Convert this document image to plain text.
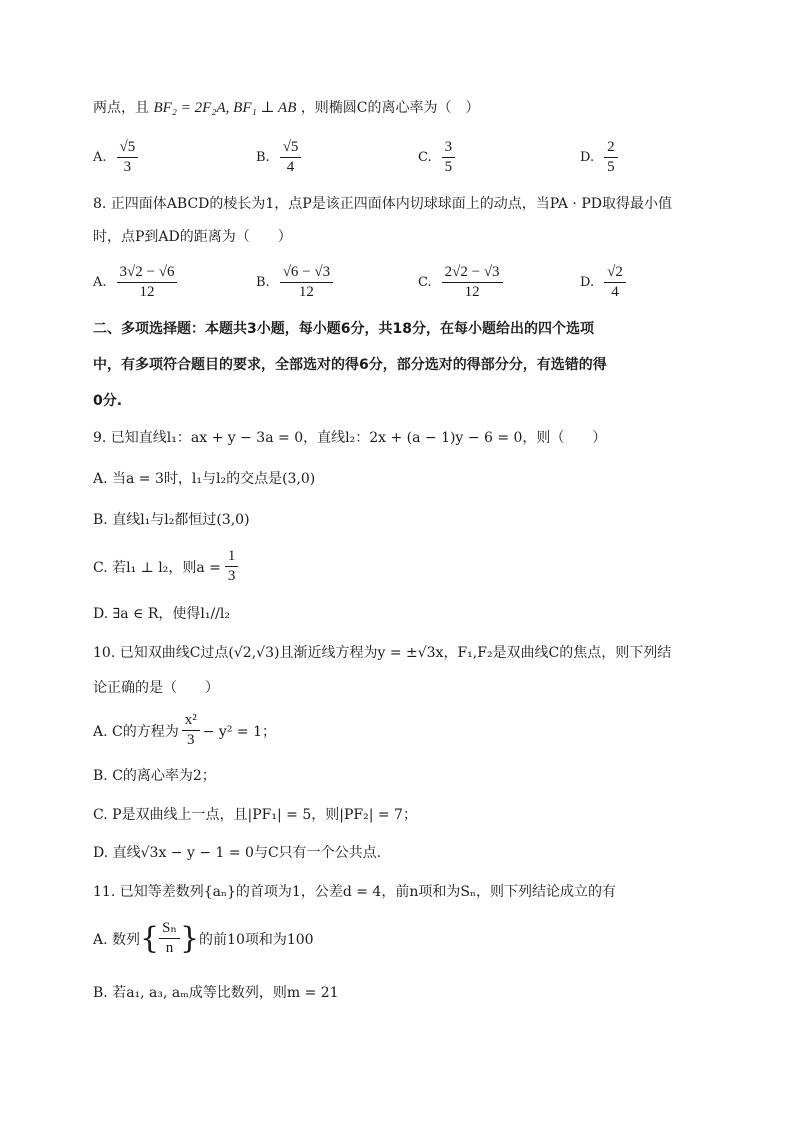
两点，且 BF₂ = 2F₂A, BF₁ ⊥ AB ，则椭圆C的离心率为（　）
A. $\frac{√5}{3}$	B. $\frac{√5}{4}$	C. $\frac{3}{5}$	D. $\frac{2}{5}$
8. 正四面体ABCD的棱长为1，点P是该正四面体内切球球面上的动点，当PA · PD取得最小值
时，点P到AD的距离为（　　）
A. $\frac{3√2 - √6}{12}$	B. $\frac{√6 - √3}{12}$	C. $\frac{2√2 - √3}{12}$	D. $\frac{√2}{4}$
二、多项选择题：本题共3小题，每小题6分，共18分，在每小题给出的四个选项
中，有多项符合题目的要求，全部选对的得6分，部分选对的得部分分，有选错的得
0分.
9. 已知直线l₁：ax + y − 3a = 0，直线l₂：2x + (a − 1)y − 6 = 0，则（　　）
A. 当a = 3时，l₁与l₂的交点是(3,0)
B. 直线l₁与l₂都恒过(3,0)
C. 若l₁ ⊥ l₂，则$a = \frac{1}{3}$
D. ∃a ∈ R，使得l₁//l₂
10. 已知双曲线C过点(√2,√3)且渐近线方程为y = ±√3x，F₁,F₂是双曲线C的焦点，则下列结
论正确的是（　　）
A. C的方程为 $\frac{\text{x²}}{3} - y^2 = 1$；
B. C的离心率为2；
C. P是双曲线上一点，且|PF₁| = 5，则|PF₂| = 7；
D. 直线√3x − y − 1 = 0与C只有一个公共点.
11. 已知等差数列{aₙ}的首项为1，公差d = 4，前n项和为Sₙ，则下列结论成立的有
A. 数列 { $\frac{\text{Sₙ}}{n}$ } 的前10项和为100
B. 若a₁, a₃, aₘ成等比数列，则m = 21
